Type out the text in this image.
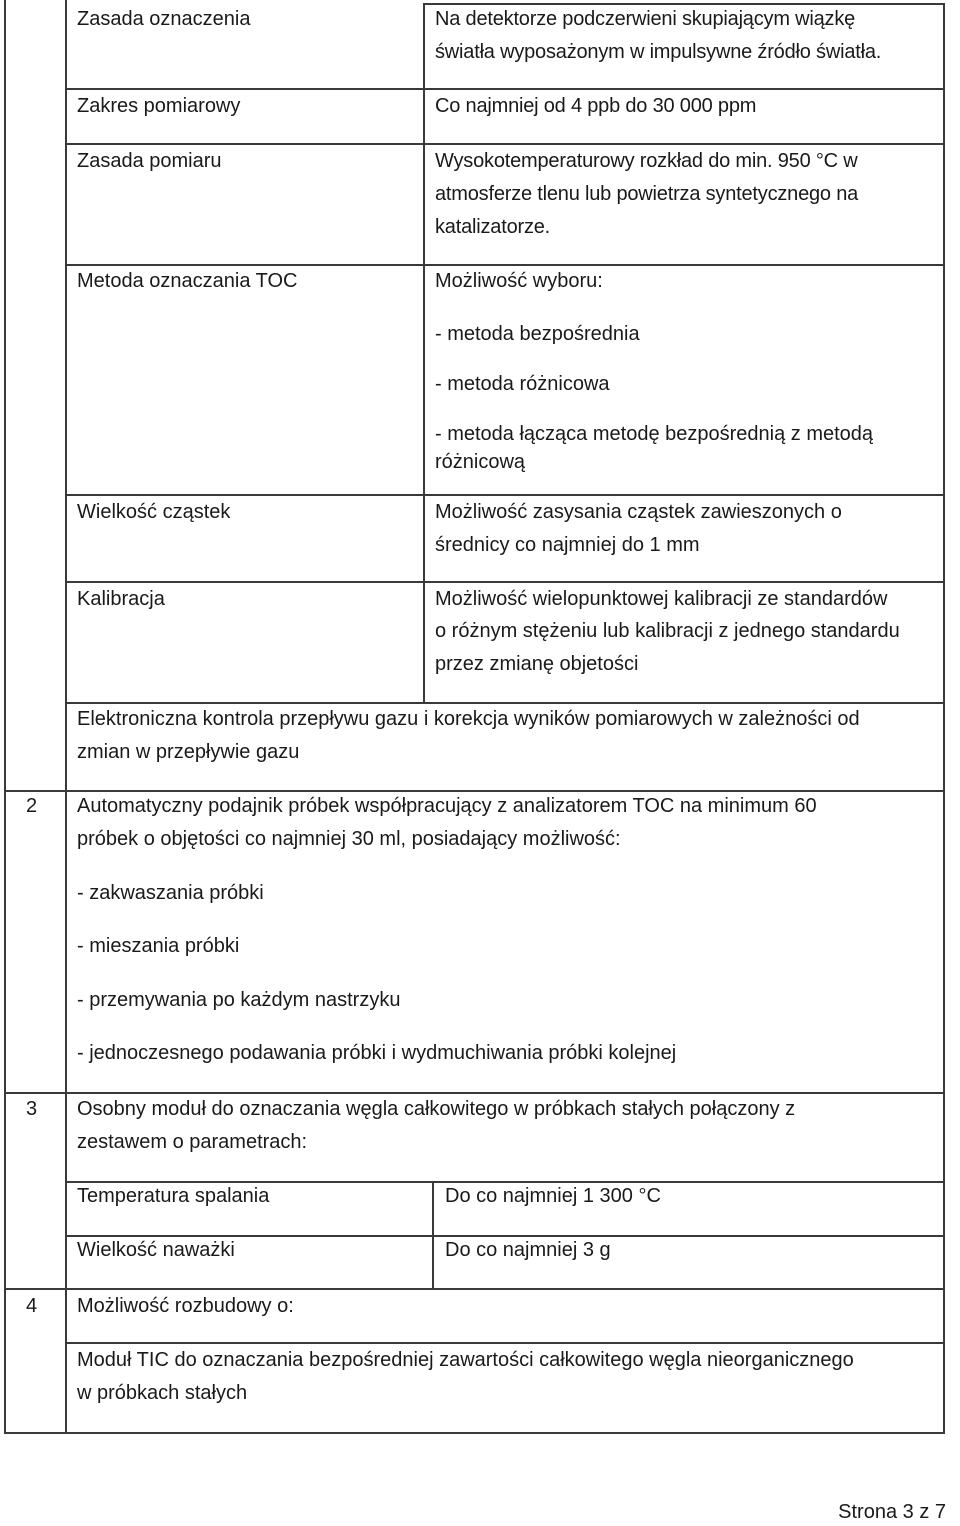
Zasada oznaczenia	Na detektorze podczerwieni skupiającym wiązkę
światła wyposażonym w impulsywne źródło światła.
Zakres pomiarowy	Co najmniej od 4 ppb do 30 000 ppm
Zasada pomiaru	Wysokotemperaturowy rozkład do min. 950 °C w
atmosferze tlenu lub powietrza syntetycznego na
katalizatorze.
Metoda oznaczania TOC	Możliwość wyboru:
- metoda bezpośrednia
- metoda różnicowa
- metoda łącząca metodę bezpośrednią z metodą
różnicową
Wielkość cząstek	Możliwość zasysania cząstek zawieszonych o
średnicy co najmniej do 1 mm
Kalibracja	Możliwość wielopunktowej kalibracji ze standardów
o różnym stężeniu lub kalibracji z jednego standardu
przez zmianę objetości
Elektroniczna kontrola przepływu gazu i korekcja wyników pomiarowych w zależności od
zmian w przepływie gazu
2 Automatyczny podajnik próbek współpracujący z analizatorem TOC na minimum 60
próbek o objętości co najmniej 30 ml, posiadający możliwość:
- zakwaszania próbki
- mieszania próbki
- przemywania po każdym nastrzyku
- jednoczesnego podawania próbki i wydmuchiwania próbki kolejnej
3 Osobny moduł do oznaczania węgla całkowitego w próbkach stałych połączony z
zestawem o parametrach:
Temperatura spalania	Do co najmniej 1 300 °C
Wielkość naważki	Do co najmniej 3 g
4 Możliwość rozbudowy o:
Moduł TIC do oznaczania bezpośredniej zawartości całkowitego węgla nieorganicznego
w próbkach stałych
Strona 3 z 7
